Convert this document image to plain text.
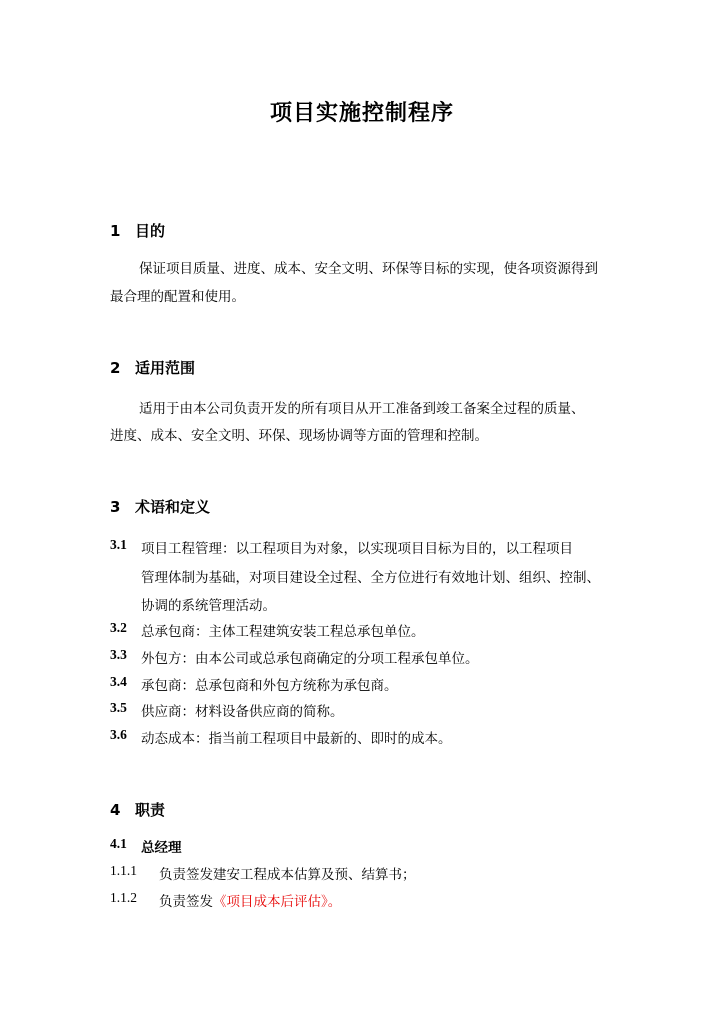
项目实施控制程序
1 目的
保证项目质量、进度、成本、安全文明、环保等目标的实现，使各项资源得到
最合理的配置和使用。
2 适用范围
适用于由本公司负责开发的所有项目从开工准备到竣工备案全过程的质量、
进度、成本、安全文明、环保、现场协调等方面的管理和控制。
3 术语和定义
3.1 项目工程管理：以工程项目为对象，以实现项目目标为目的，以工程项目
管理体制为基础，对项目建设全过程、全方位进行有效地计划、组织、控制、
协调的系统管理活动。
3.2 总承包商：主体工程建筑安装工程总承包单位。
3.3 外包方：由本公司或总承包商确定的分项工程承包单位。
3.4 承包商：总承包商和外包方统称为承包商。
3.5 供应商：材料设备供应商的简称。
3.6 动态成本：指当前工程项目中最新的、即时的成本。
4 职责
4.1 总经理
1.1.1 负责签发建安工程成本估算及预、结算书；
1.1.2 负责签发《项目成本后评估》。
